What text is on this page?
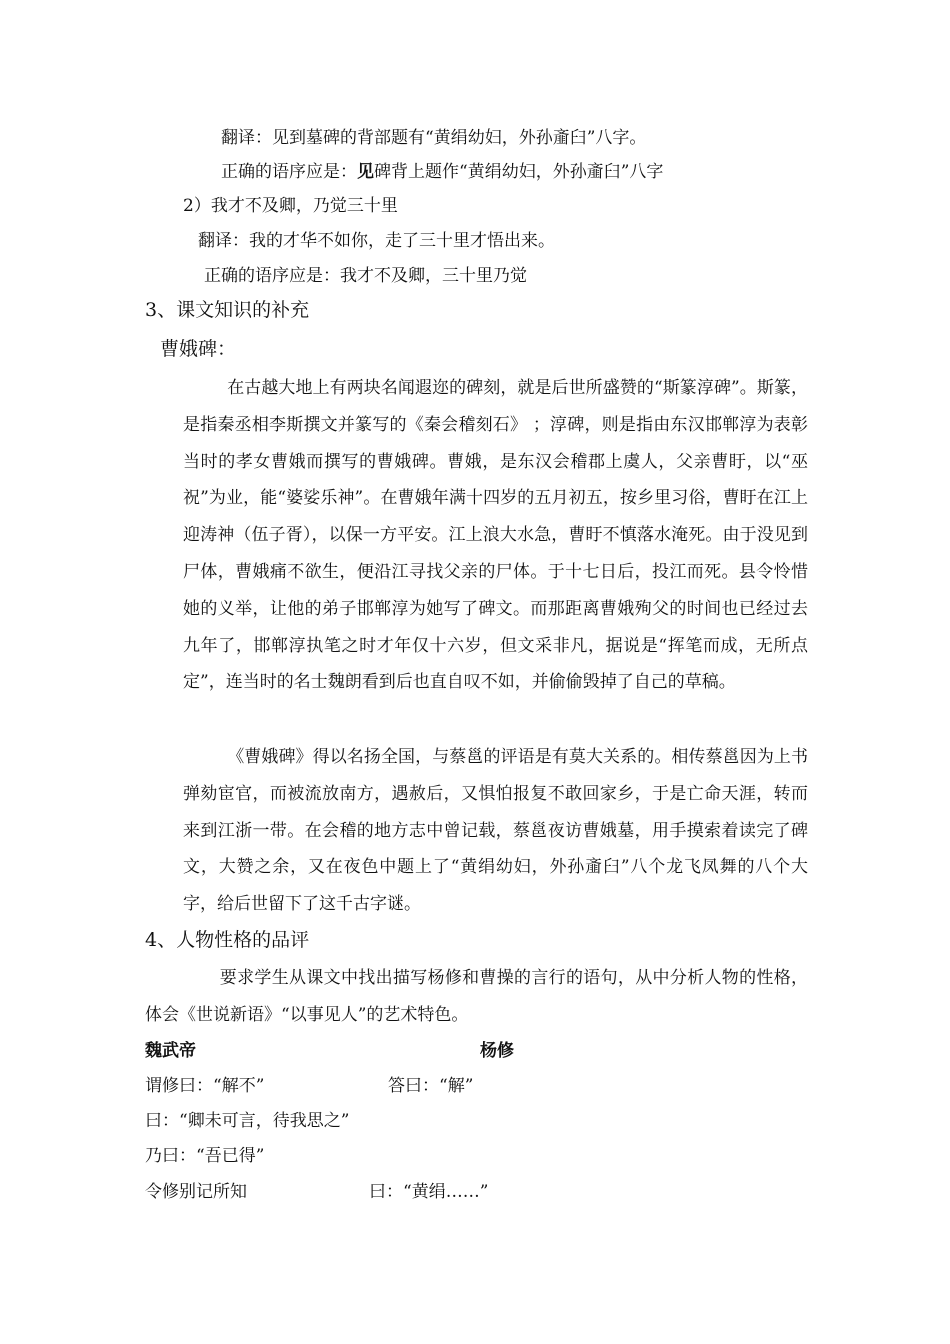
翻译：见到墓碑的背部题有“黄绢幼妇，外孙齑臼”八字。
正确的语序应是：见碑背上题作“黄绢幼妇，外孙齑臼”八字
2）我才不及卿，乃觉三十里
翻译：我的才华不如你，走了三十里才悟出来。
正确的语序应是：我才不及卿，三十里乃觉
3、课文知识的补充
曹娥碑：
在古越大地上有两块名闻遐迩的碑刻，就是后世所盛赞的“斯篆淳碑”。斯篆，是指秦丞相李斯撰文并篆写的《秦会稽刻石》 ；淳碑，则是指由东汉邯郸淳为表彰当时的孝女曹娥而撰写的曹娥碑。曹娥，是东汉会稽郡上虞人，父亲曹盱，以“巫祝”为业，能“婆娑乐神”。在曹娥年满十四岁的五月初五，按乡里习俗，曹盱在江上迎涛神（伍子胥），以保一方平安。江上浪大水急，曹盱不慎落水淹死。由于没见到尸体，曹娥痛不欲生，便沿江寻找父亲的尸体。于十七日后，投江而死。县令怜惜她的义举，让他的弟子邯郸淳为她写了碑文。而那距离曹娥殉父的时间也已经过去九年了，邯郸淳执笔之时才年仅十六岁，但文采非凡，据说是“挥笔而成，无所点定”，连当时的名士魏朗看到后也直自叹不如，并偷偷毁掉了自己的草稿。
《曹娥碑》得以名扬全国，与蔡邕的评语是有莫大关系的。相传蔡邕因为上书弹劾宦官，而被流放南方，遇赦后，又惧怕报复不敢回家乡，于是亡命天涯，转而来到江浙一带。在会稽的地方志中曾记载，蔡邕夜访曹娥墓，用手摸索着读完了碑文，大赞之余，又在夜色中题上了“黄绢幼妇，外孙齑臼”八个龙飞凤舞的八个大字，给后世留下了这千古字谜。
4、人物性格的品评
要求学生从课文中找出描写杨修和曹操的言行的语句，从中分析人物的性格，体会《世说新语》“以事见人”的艺术特色。
魏武帝	杨修
谓修曰：“解不”	答曰：“解”
曰：“卿未可言，待我思之”
乃曰：“吾已得”
令修别记所知	曰：“黄绢……”
